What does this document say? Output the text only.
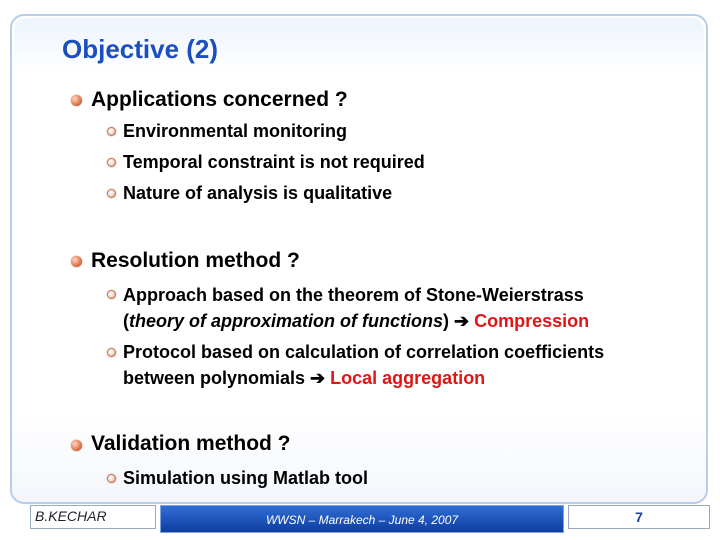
Objective (2)
Applications concerned ?
Environmental monitoring
Temporal constraint is not required
Nature of analysis is qualitative
Resolution method ?
Approach based on the theorem of Stone-Weierstrass
(theory of approximation of functions) ➔ Compression
Protocol based on calculation of correlation coefficients
between polynomials ➔ Local aggregation
Validation method ?
Simulation using Matlab tool
B.KECHAR	WWSN – Marrakech – June 4, 2007	7
